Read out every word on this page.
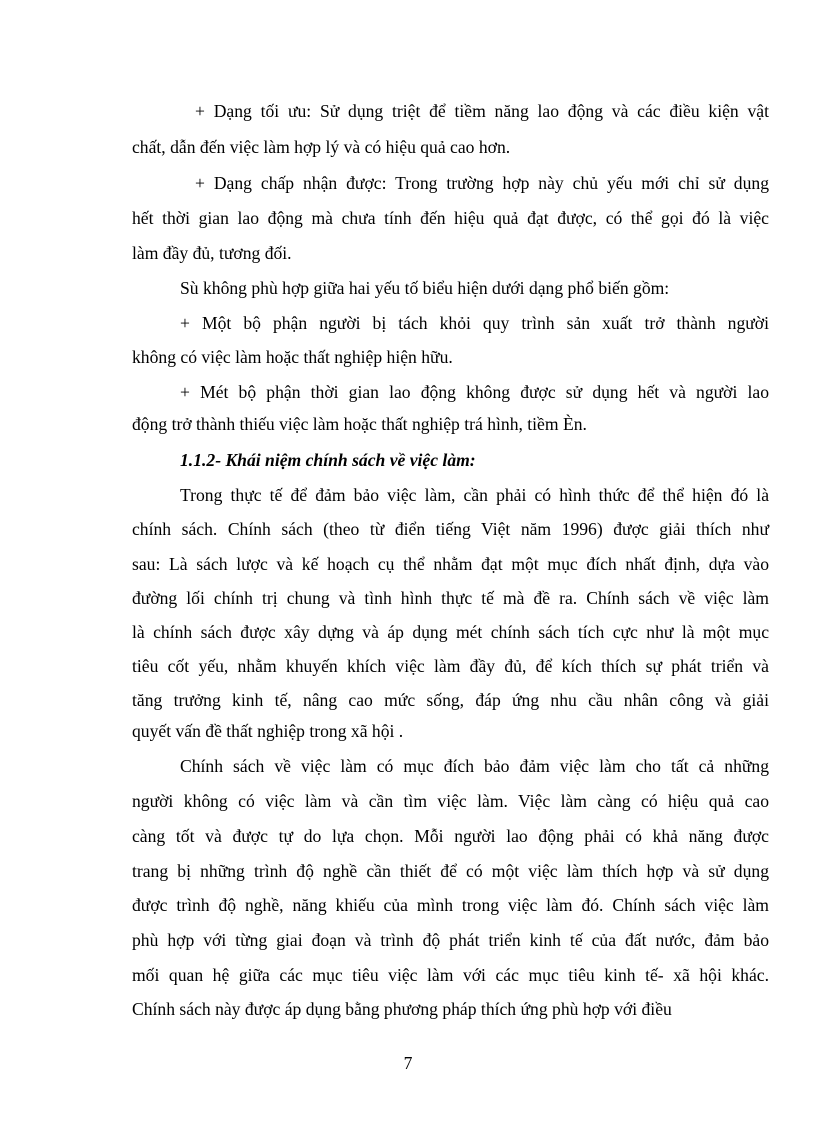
+ Dạng tối ưu: Sử dụng triệt để tiềm năng lao động và các điều kiện vật
chất, dẫn đến việc làm hợp lý và có hiệu quả cao hơn.
+ Dạng chấp nhận được: Trong trường hợp này chủ yếu mới chỉ sử dụng
hết thời gian lao động mà chưa tính đến hiệu quả đạt được, có thể gọi đó là việc
làm đầy đủ, tương đối.
Sù không phù hợp giữa hai yếu tố biểu hiện dưới dạng phổ biến gồm:
+ Một bộ phận người bị tách khỏi quy trình sản xuất trở thành người
không có việc làm hoặc thất nghiệp hiện hữu.
+ Mét bộ phận thời gian lao động không được sử dụng hết và người lao
động trở thành thiếu việc làm hoặc thất nghiệp trá hình, tiềm Èn.
1.1.2- Khái niệm chính sách về việc làm:
Trong thực tế để đảm bảo việc làm, cần phải có hình thức để thể hiện đó là
chính sách. Chính sách (theo từ điển tiếng Việt năm 1996) được giải thích như
sau: Là sách lược và kế hoạch cụ thể nhằm đạt một mục đích nhất định, dựa vào
đường lối chính trị chung và tình hình thực tế mà đề ra. Chính sách về việc làm
là chính sách được xây dựng và áp dụng mét chính sách tích cực như là một mục
tiêu cốt yếu, nhằm khuyến khích việc làm đầy đủ, để kích thích sự phát triển và
tăng trưởng kinh tế, nâng cao mức sống, đáp ứng nhu cầu nhân công và giải
quyết vấn đề thất nghiệp trong xã hội .
Chính sách về việc làm có mục đích bảo đảm việc làm cho tất cả những
người không có việc làm và cần tìm việc làm. Việc làm càng có hiệu quả cao
càng tốt và được tự do lựa chọn. Mỗi người lao động phải có khả năng được
trang bị những trình độ nghề cần thiết để có một việc làm thích hợp và sử dụng
được trình độ nghề, năng khiếu của mình trong việc làm đó. Chính sách việc làm
phù hợp với từng giai đoạn và trình độ phát triển kinh tế của đất nước, đảm bảo
mối quan hệ giữa các mục tiêu việc làm với các mục tiêu kinh tế- xã hội khác.
Chính sách này được áp dụng bằng phương pháp thích ứng phù hợp với điều
7
